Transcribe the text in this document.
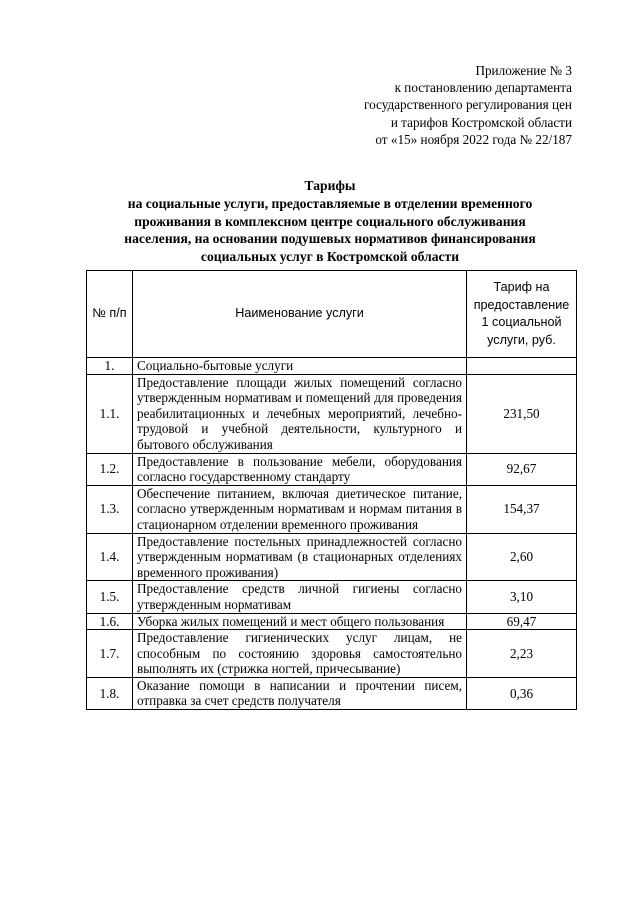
Приложение № 3
к постановлению департамента
государственного регулирования цен
и тарифов Костромской области
от «15» ноября 2022 года № 22/187
Тарифы
на социальные услуги, предоставляемые в отделении временного
проживания в комплексном центре социального обслуживания
населения, на основании подушевых нормативов финансирования
социальных услуг в Костромской области
№ п/п	Наименование услуги	Тариф на предоставление 1 социальной услуги, руб.
1.	Социально-бытовые услуги	
1.1.	Предоставление площади жилых помещений согласно утвержденным нормативам и помещений для проведения реабилитационных и лечебных мероприятий, лечебно-трудовой и учебной деятельности, культурного и бытового обслуживания	231,50
1.2.	Предоставление в пользование мебели, оборудования согласно государственному стандарту	92,67
1.3.	Обеспечение питанием, включая диетическое питание, согласно утвержденным нормативам и нормам питания в стационарном отделении временного проживания	154,37
1.4.	Предоставление постельных принадлежностей согласно утвержденным нормативам (в стационарных отделениях временного проживания)	2,60
1.5.	Предоставление средств личной гигиены согласно утвержденным нормативам	3,10
1.6.	Уборка жилых помещений и мест общего пользования	69,47
1.7.	Предоставление гигиенических услуг лицам, не способным по состоянию здоровья самостоятельно выполнять их (стрижка ногтей, причесывание)	2,23
1.8.	Оказание помощи в написании и прочтении писем, отправка за счет средств получателя	0,36
